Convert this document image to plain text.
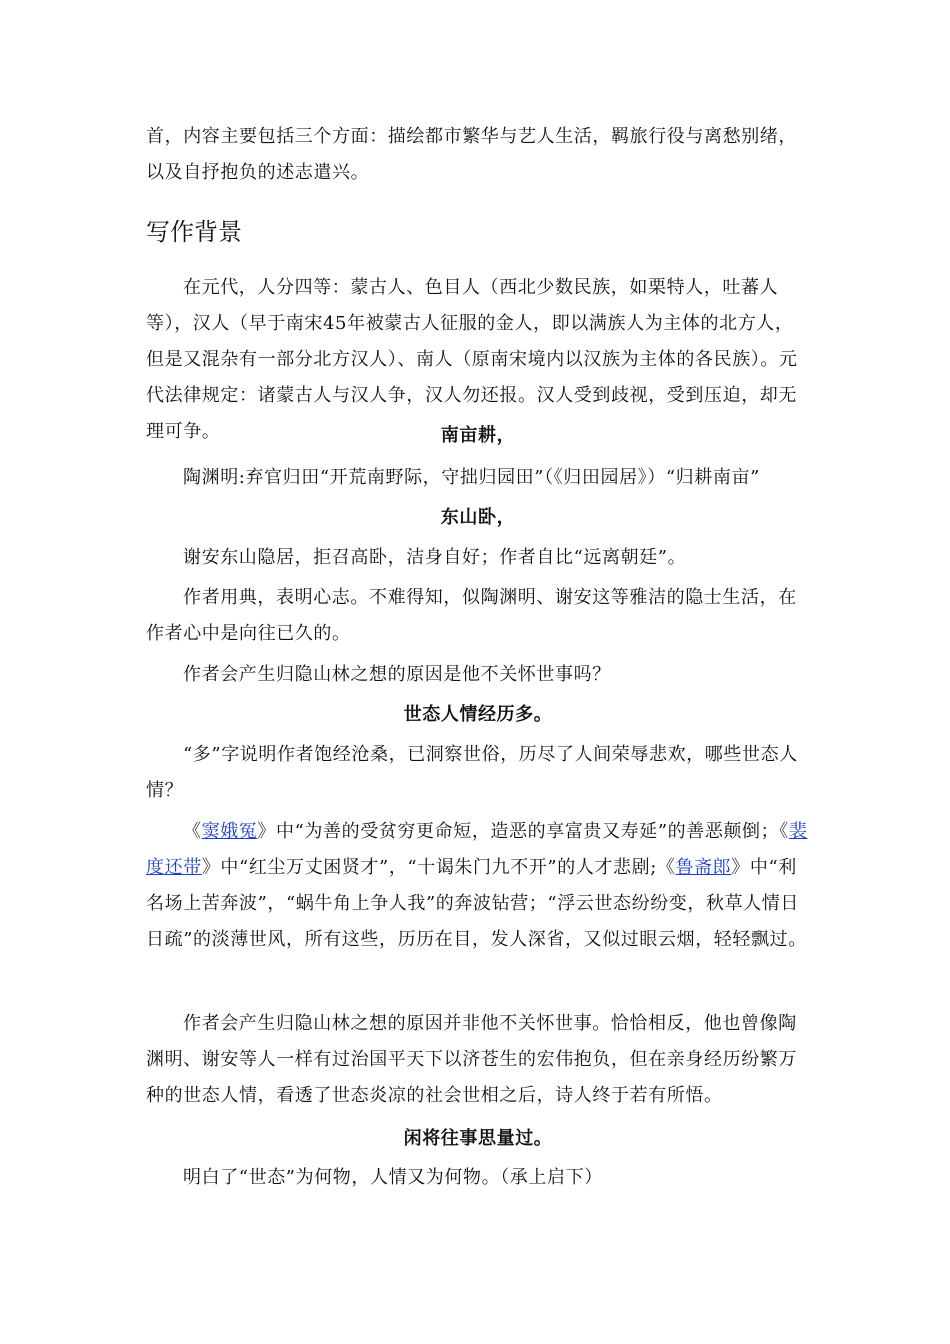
首，内容主要包括三个方面：描绘都市繁华与艺人生活，羁旅行役与离愁别绪，以及自抒抱负的述志遣兴。
写作背景
在元代，人分四等：蒙古人、色目人（西北少数民族，如栗特人，吐蕃人等），汉人（早于南宋45年被蒙古人征服的金人，即以满族人为主体的北方人，但是又混杂有一部分北方汉人）、南人（原南宋境内以汉族为主体的各民族）。元代法律规定：诸蒙古人与汉人争，汉人勿还报。汉人受到歧视，受到压迫，却无理可争。	南亩耕，
陶渊明:弃官归田“开荒南野际，守拙归园田”（《归田园居》）“归耕南亩”
东山卧，
谢安东山隐居，拒召高卧，洁身自好；作者自比“远离朝廷”。
作者用典，表明心志。不难得知，似陶渊明、谢安这等雅洁的隐士生活，在作者心中是向往已久的。
作者会产生归隐山林之想的原因是他不关怀世事吗？
世态人情经历多。
“多”字说明作者饱经沧桑，已洞察世俗，历尽了人间荣辱悲欢，哪些世态人情？
《窦娥冤》中“为善的受贫穷更命短，造恶的享富贵又寿延”的善恶颠倒；《裴度还带》中“红尘万丈困贤才”，“十谒朱门九不开”的人才悲剧;《鲁斋郎》中“利名场上苦奔波”，“蜗牛角上争人我”的奔波钻营；“浮云世态纷纷变，秋草人情日日疏”的淡薄世风，所有这些，历历在目，发人深省，又似过眼云烟，轻轻飘过。
作者会产生归隐山林之想的原因并非他不关怀世事。恰恰相反，他也曾像陶渊明、谢安等人一样有过治国平天下以济苍生的宏伟抱负，但在亲身经历纷繁万种的世态人情，看透了世态炎凉的社会世相之后，诗人终于若有所悟。
闲将往事思量过。
明白了“世态”为何物，人情又为何物。（承上启下）
